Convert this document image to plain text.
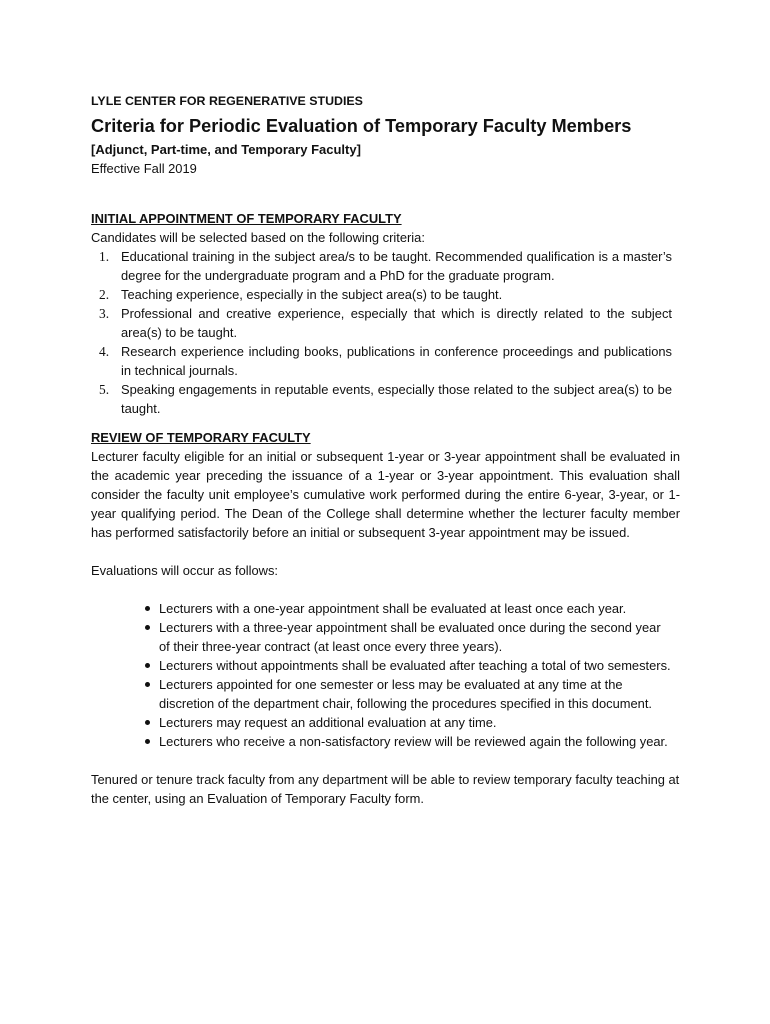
LYLE CENTER FOR REGENERATIVE STUDIES
Criteria for Periodic Evaluation of Temporary Faculty Members
[Adjunct, Part-time, and Temporary Faculty]
Effective Fall 2019
INITIAL APPOINTMENT OF TEMPORARY FACULTY
Candidates will be selected based on the following criteria:
1. Educational training in the subject area/s to be taught. Recommended qualification is a master’s degree for the undergraduate program and a PhD for the graduate program.
2. Teaching experience, especially in the subject area(s) to be taught.
3. Professional and creative experience, especially that which is directly related to the subject area(s) to be taught.
4. Research experience including books, publications in conference proceedings and publications in technical journals.
5. Speaking engagements in reputable events, especially those related to the subject area(s) to be taught.
REVIEW OF TEMPORARY FACULTY
Lecturer faculty eligible for an initial or subsequent 1-year or 3-year appointment shall be evaluated in the academic year preceding the issuance of a 1-year or 3-year appointment. This evaluation shall consider the faculty unit employee’s cumulative work performed during the entire 6-year, 3-year, or 1-year qualifying period. The Dean of the College shall determine whether the lecturer faculty member has performed satisfactorily before an initial or subsequent 3-year appointment may be issued.
Evaluations will occur as follows:
Lecturers with a one-year appointment shall be evaluated at least once each year.
Lecturers with a three-year appointment shall be evaluated once during the second year of their three-year contract (at least once every three years).
Lecturers without appointments shall be evaluated after teaching a total of two semesters.
Lecturers appointed for one semester or less may be evaluated at any time at the discretion of the department chair, following the procedures specified in this document.
Lecturers may request an additional evaluation at any time.
Lecturers who receive a non-satisfactory review will be reviewed again the following year.
Tenured or tenure track faculty from any department will be able to review temporary faculty teaching at the center, using an Evaluation of Temporary Faculty form.
